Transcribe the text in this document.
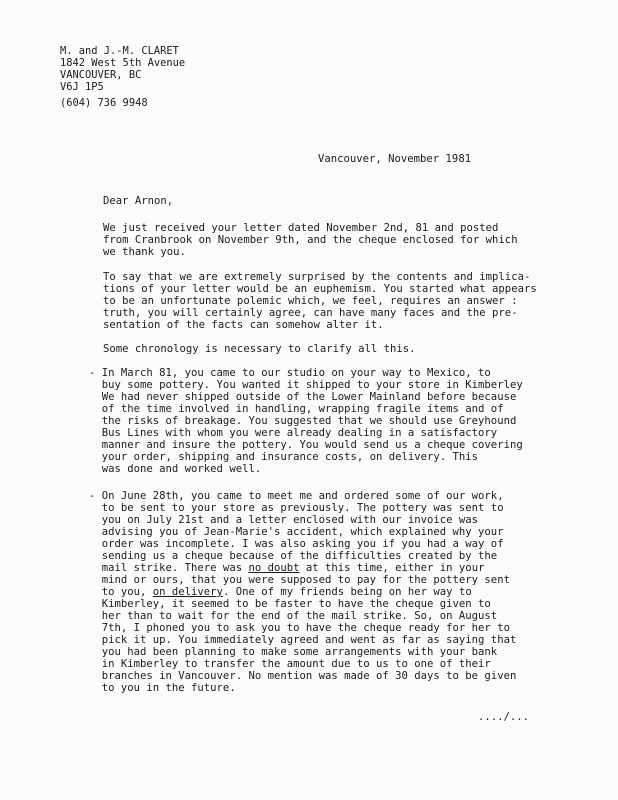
M. and J.-M. CLARET
1842 West 5th Avenue
VANCOUVER, BC
V6J 1P5
(604) 736 9948
Vancouver, November 1981
Dear Arnon,
We just received your letter dated November 2nd, 81 and posted
from Cranbrook on November 9th, and the cheque enclosed for which
we thank you.
To say that we are extremely surprised by the contents and implica-
tions of your letter would be an euphemism. You started what appears
to be an unfortunate polemic which, we feel, requires an answer :
truth, you will certainly agree, can have many faces and the pre-
sentation of the facts can somehow alter it.
Some chronology is necessary to clarify all this.
- In March 81, you came to our studio on your way to Mexico, to
buy some pottery. You wanted it shipped to your store in Kimberley
We had never shipped outside of the Lower Mainland before because
of the time involved in handling, wrapping fragile items and of
the risks of breakage. You suggested that we should use Greyhound
Bus Lines with whom you were already dealing in a satisfactory
manner and insure the pottery. You would send us a cheque covering
your order, shipping and insurance costs, on delivery. This
was done and worked well.
- On June 28th, you came to meet me and ordered some of our work,
to be sent to your store as previously. The pottery was sent to
you on July 21st and a letter enclosed with our invoice was
advising you of Jean-Marie's accident, which explained why your
order was incomplete. I was also asking you if you had a way of
sending us a cheque because of the difficulties created by the
mail strike. There was no doubt at this time, either in your
mind or ours, that you were supposed to pay for the pottery sent
to you, on delivery. One of my friends being on her way to
Kimberley, it seemed to be faster to have the cheque given to
her than to wait for the end of the mail strike. So, on August
7th, I phoned you to ask you to have the cheque ready for her to
pick it up. You immediately agreed and went as far as saying that
you had been planning to make some arrangements with your bank
in Kimberley to transfer the amount due to us to one of their
branches in Vancouver. No mention was made of 30 days to be given
to you in the future.
..../...
